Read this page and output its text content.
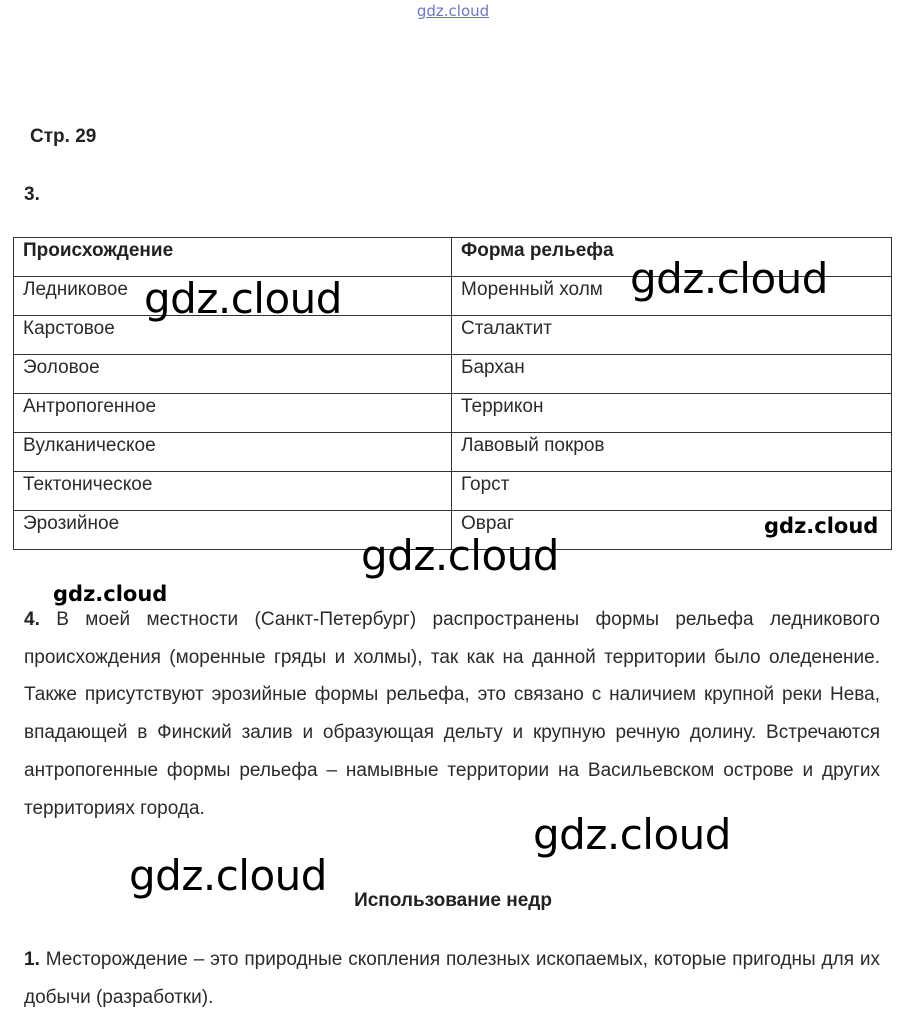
gdz.cloud
Стр. 29
3.
Происхождение	Форма рельефа
Ледниковое	Моренный холм
Карстовое	Сталактит
Эоловое	Бархан
Антропогенное	Террикон
Вулканическое	Лавовый покров
Тектоническое	Горст
Эрозийное	Овраг
4. В моей местности (Санкт-Петербург) распространены формы рельефа ледникового происхождения (моренные гряды и холмы), так как на данной территории было оледенение. Также присутствуют эрозийные формы рельефа, это связано с наличием крупной реки Нева, впадающей в Финский залив и образующая дельту и крупную речную долину. Встречаются антропогенные формы рельефа – намывные территории на Васильевском острове и других территориях города.
Использование недр
1. Месторождение – это природные скопления полезных ископаемых, которые пригодны для их добычи (разработки).
gdz.cloud	gdz.cloud
gdz.cloud
gdz.cloud
gdz.cloud
gdz.cloud
gdz.cloud
